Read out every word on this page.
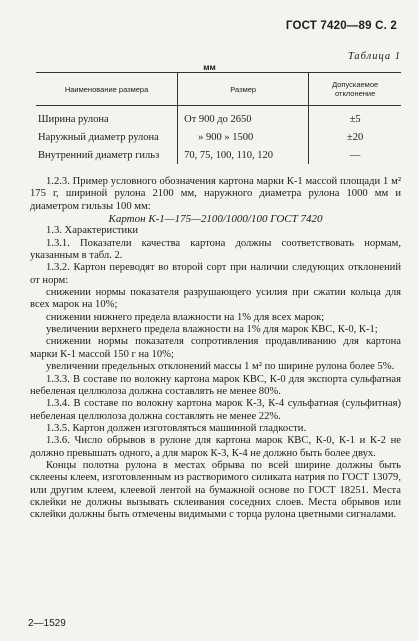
ГОСТ 7420—89 С. 2
Таблица 1
мм
Наименование размера	Размер	Допускаемое отклонение
Ширина рулона	От 900 до 2650	±5
Наружный диаметр рулона	» 900 » 1500	±20
Внутренний диаметр гильз	70, 75, 100, 110, 120	—

1.2.3. Пример условного обозначения картона марки К-1 массой площади 1 м² 175 г, шириной рулона 2100 мм, наружного диаметра рулона 1000 мм и диаметром гильзы 100 мм:

Картон К-1—175—2100/1000/100 ГОСТ 7420

1.3. Характеристики

1.3.1. Показатели качества картона должны соответствовать нормам, указанным в табл. 2.

1.3.2. Картон переводят во второй сорт при наличии следующих отклонений от норм:

снижении нормы показателя разрушающего усилия при сжатии кольца для всех марок на 10%;

снижении нижнего предела влажности на 1% для всех марок;

увеличении верхнего предела влажности на 1% для марок КВС, К-0, К-1;

снижении нормы показателя сопротивления продавливанию для картона марки К-1 массой 150 г на 10%;

увеличении предельных отклонений массы 1 м² по ширине рулона более 5%.

1.3.3. В составе по волокну картона марок КВС, К-0 для экспорта сульфатная небеленая целлюлоза должна составлять не менее 80%.

1.3.4. В составе по волокну картона марок К-3, К-4 сульфатная (сульфитная) небеленая целлюлоза должна составлять не менее 22%.

1.3.5. Картон должен изготовляться машинной гладкости.

1.3.6. Число обрывов в рулоне для картона марок КВС, К-0, К-1 и К-2 не должно превышать одного, а для марок К-3, К-4 не должно быть более двух.

Концы полотна рулона в местах обрыва по всей ширине должны быть склеены клеем, изготовленным из растворимого силиката натрия по ГОСТ 13079, или другим клеем, клеевой лентой на бумажной основе по ГОСТ 18251. Места склейки не должны вызывать склеивания соседних слоев. Места обрывов или склейки должны быть отмечены видимыми с торца рулона цветными сигналами.

2—1529
